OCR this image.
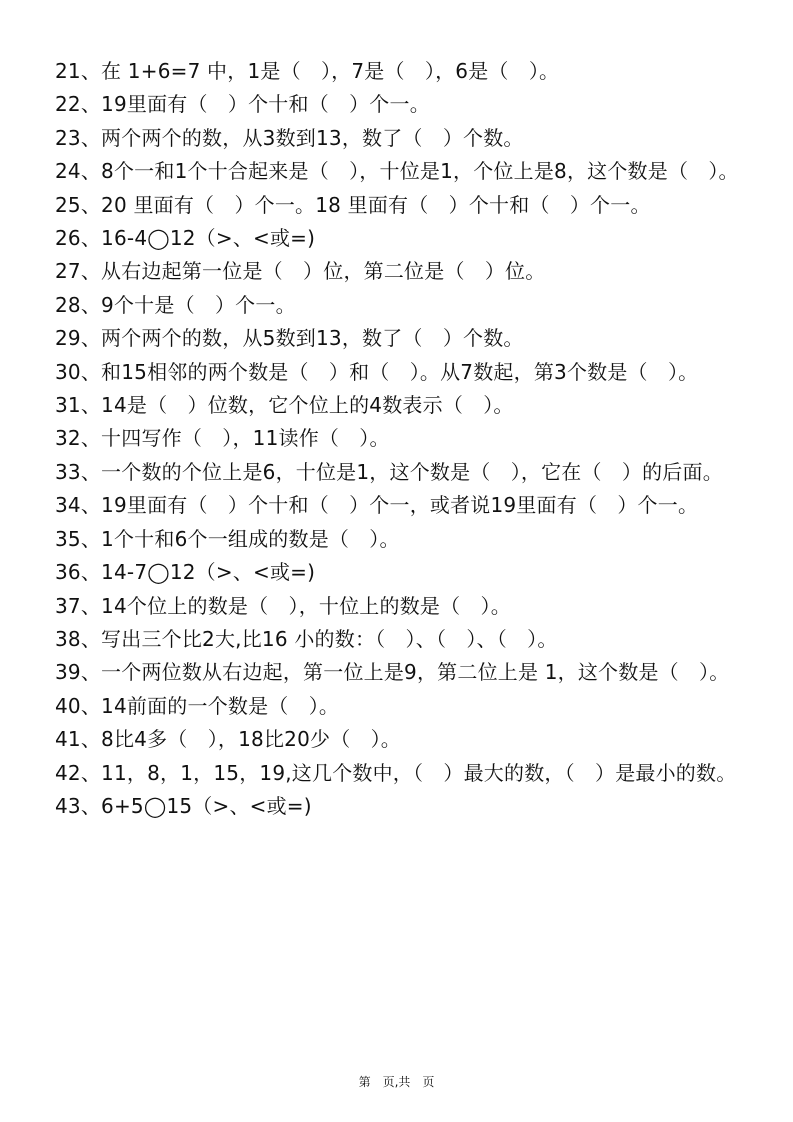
21、在 1+6=7 中，1是（　），7是（　），6是（　）。
22、19里面有（　）个十和（　）个一。
23、两个两个的数，从3数到13，数了（　）个数。
24、8个一和1个十合起来是（　），十位是1，个位上是8，这个数是（　）。
25、20 里面有（　）个一。18 里面有（　）个十和（　）个一。
26、16-4◯12（>、<或=)
27、从右边起第一位是（　）位，第二位是（　）位。
28、9个十是（　）个一。
29、两个两个的数，从5数到13，数了（　）个数。
30、和15相邻的两个数是（　）和（　）。从7数起，第3个数是（　）。
31、14是（　）位数，它个位上的4数表示（　）。
32、十四写作（　），11读作（　）。
33、一个数的个位上是6，十位是1，这个数是（　），它在（　）的后面。
34、19里面有（　）个十和（　）个一，或者说19里面有（　）个一。
35、1个十和6个一组成的数是（　）。
36、14-7◯12（>、<或=)
37、14个位上的数是（　），十位上的数是（　）。
38、写出三个比2大,比16 小的数：（　）、（　）、（　）。
39、一个两位数从右边起，第一位上是9，第二位上是 1，这个数是（　）。
40、14前面的一个数是（　）。
41、8比4多（　），18比20少（　）。
42、11，8，1，15，19,这几个数中，（　）最大的数，（　）是最小的数。
43、6+5◯15（>、<或=)
第　页,共　页
